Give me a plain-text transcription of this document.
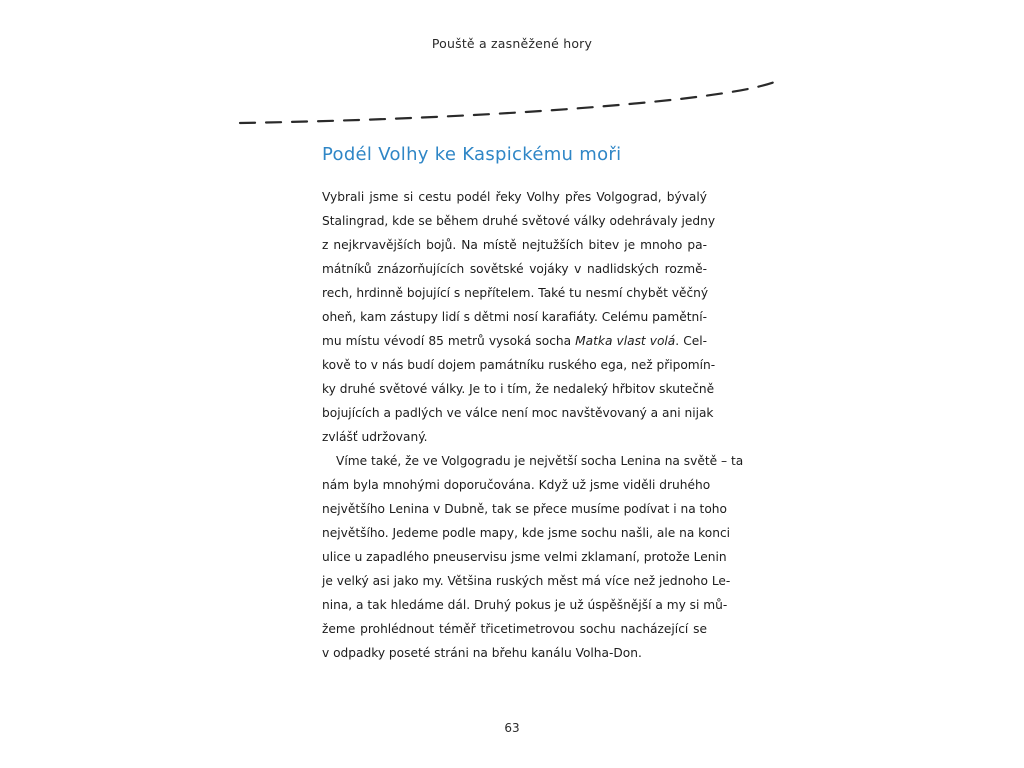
Pouště a zasněžené hory
Podél Volhy ke Kaspickému moři
Vybrali jsme si cestu podél řeky Volhy přes Volgograd, bývalý
Stalingrad, kde se během druhé světové války odehrávaly jedny
z nejkrvavějších bojů. Na místě nejtužších bitev je mnoho pa-
mátníků znázorňujících sovětské vojáky v nadlidských rozmě-
rech, hrdinně bojující s nepřítelem. Také tu nesmí chybět věčný
oheň, kam zástupy lidí s dětmi nosí karafiáty. Celému pamětní-
mu místu vévodí 85 metrů vysoká socha Matka vlast volá. Cel-
kově to v nás budí dojem památníku ruského ega, než připomín-
ky druhé světové války. Je to i tím, že nedaleký hřbitov skutečně
bojujících a padlých ve válce není moc navštěvovaný a ani nijak
zvlášť udržovaný.
Víme také, že ve Volgogradu je největší socha Lenina na světě – ta
nám byla mnohými doporučována. Když už jsme viděli druhého
největšího Lenina v Dubně, tak se přece musíme podívat i na toho
největšího. Jedeme podle mapy, kde jsme sochu našli, ale na konci
ulice u zapadlého pneuservisu jsme velmi zklamaní, protože Lenin
je velký asi jako my. Většina ruských měst má více než jednoho Le-
nina, a tak hledáme dál. Druhý pokus je už úspěšnější a my si mů-
žeme prohlédnout téměř třicetimetrovou sochu nacházející se
v odpadky poseté stráni na břehu kanálu Volha-Don.
63
